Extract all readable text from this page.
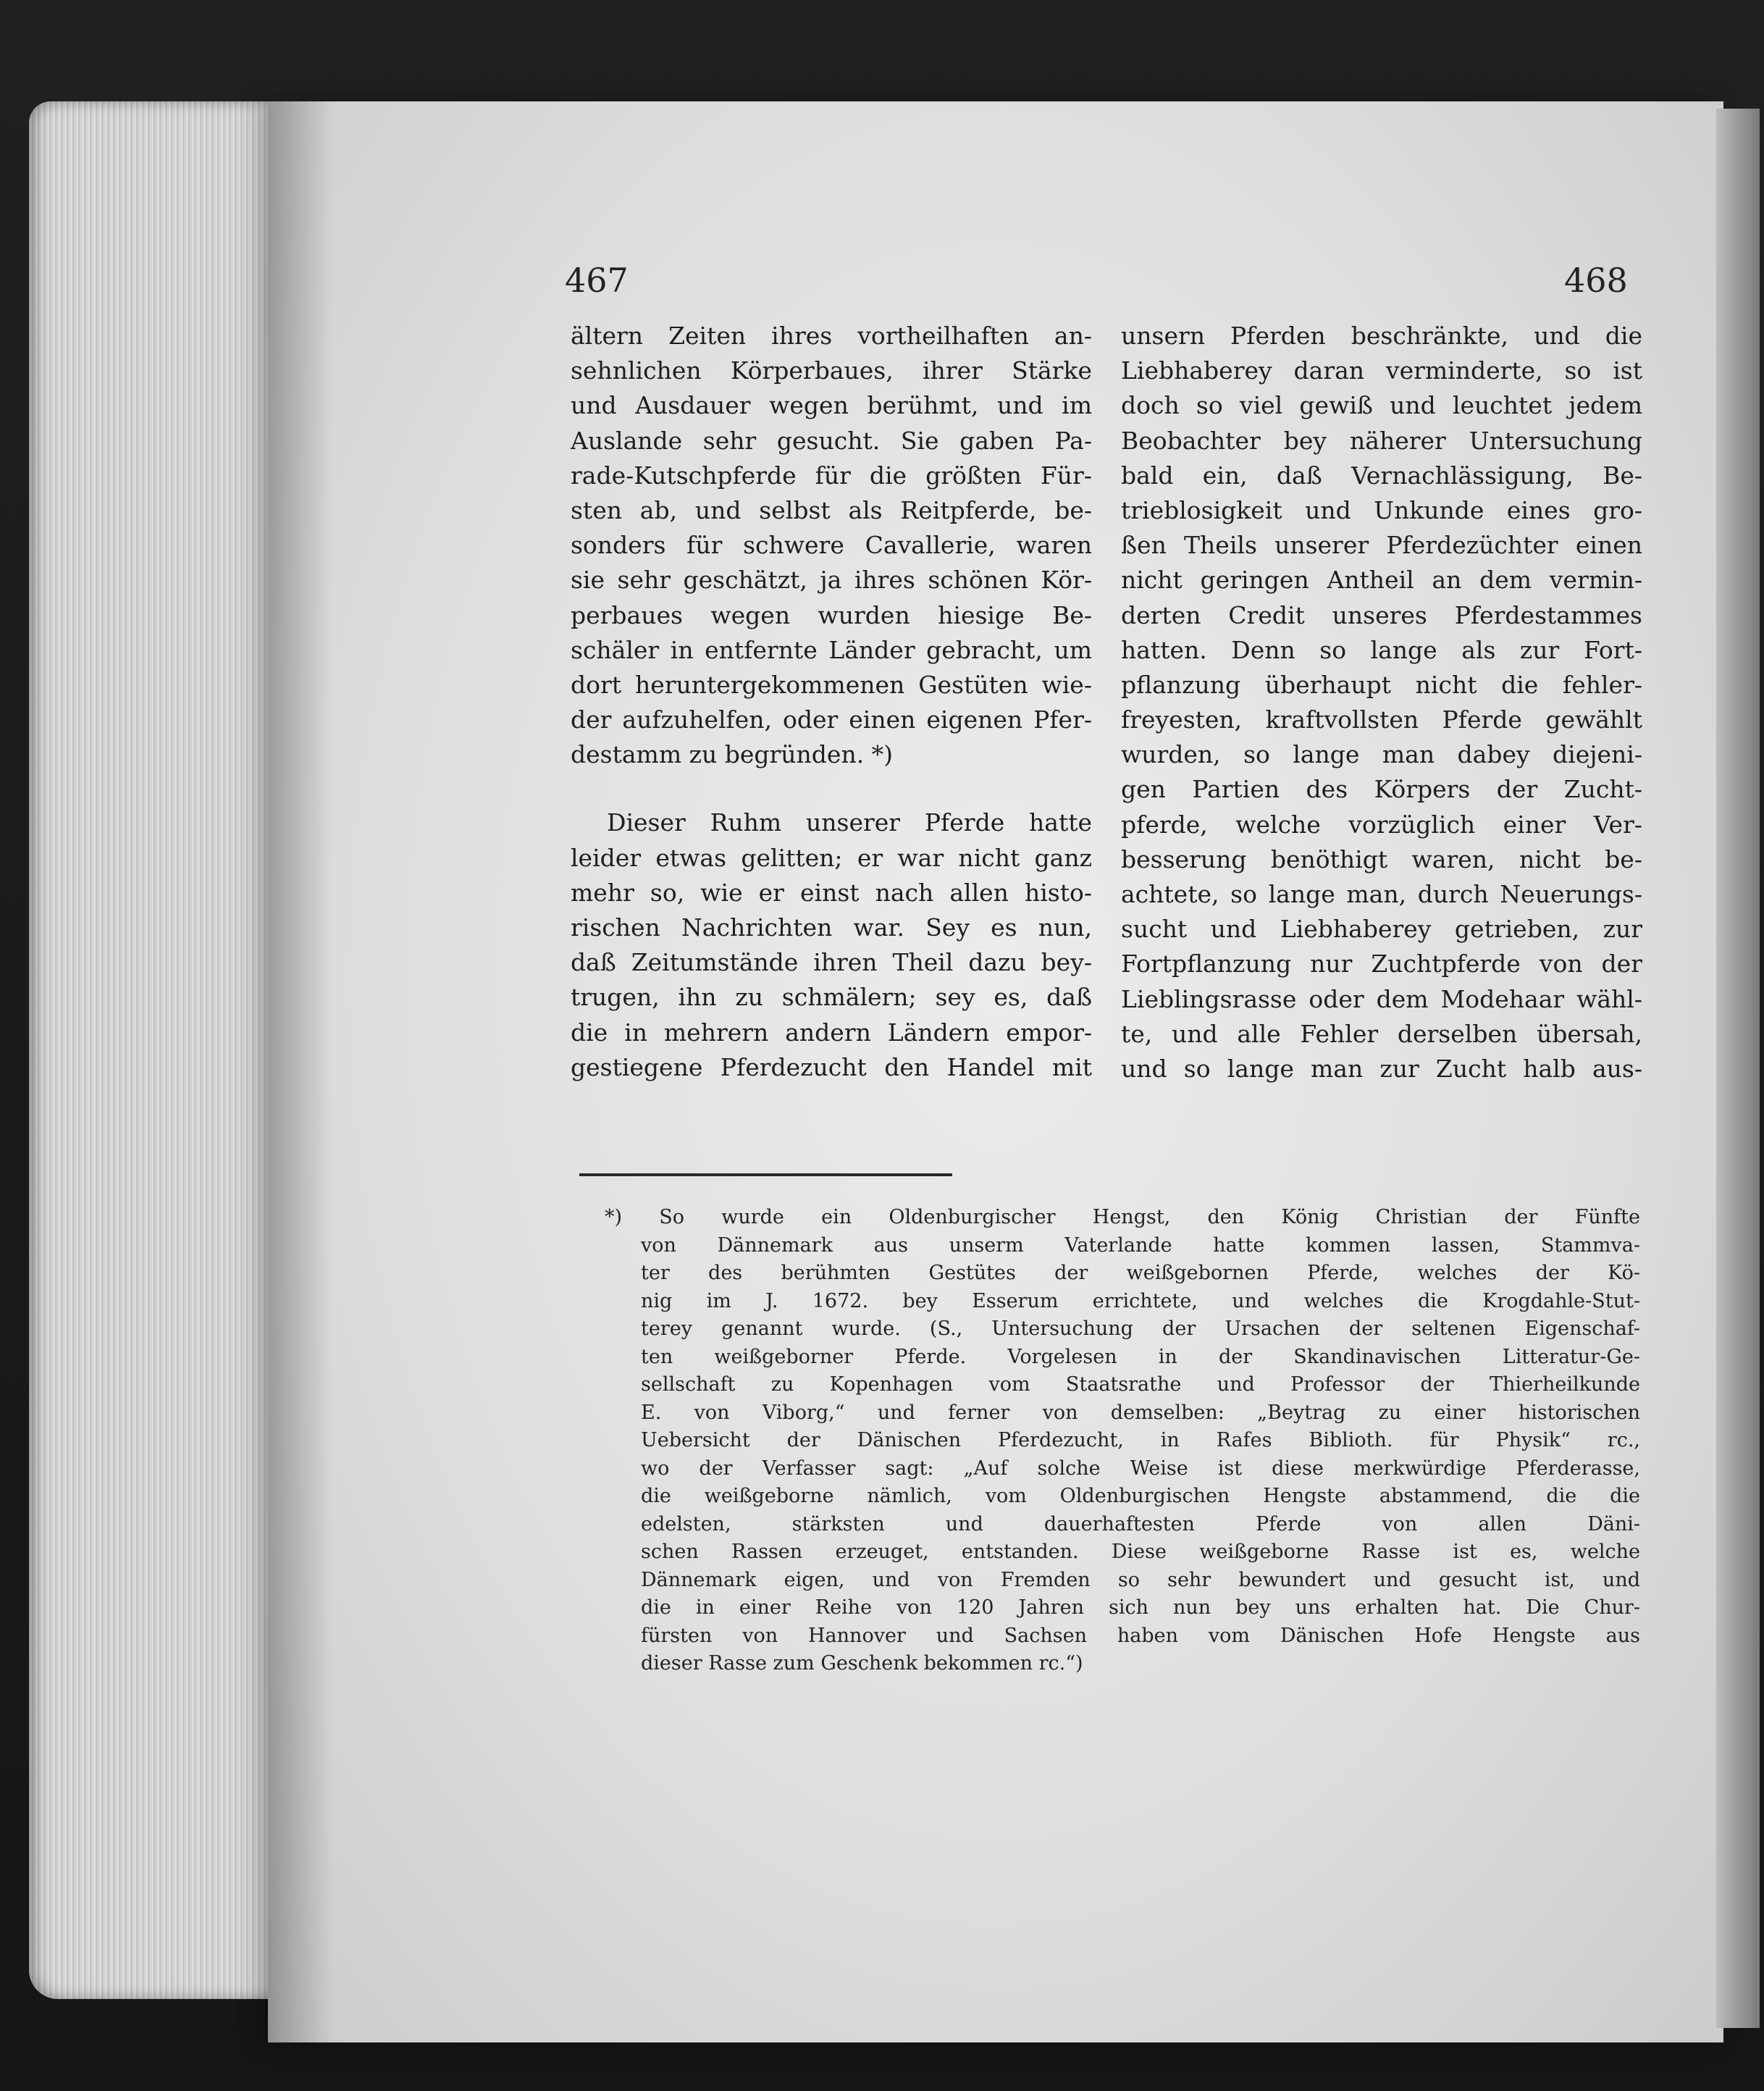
467	468
ältern Zeiten ihres vortheilhaften an-
sehnlichen Körperbaues, ihrer Stärke
und Ausdauer wegen berühmt, und im
Auslande sehr gesucht. Sie gaben Pa-
rade-Kutschpferde für die größten Für-
sten ab, und selbst als Reitpferde, be-
sonders für schwere Cavallerie, waren
sie sehr geschätzt, ja ihres schönen Kör-
perbaues wegen wurden hiesige Be-
schäler in entfernte Länder gebracht, um
dort heruntergekommenen Gestüten wie-
der aufzuhelfen, oder einen eigenen Pfer-
destamm zu begründen. *)
Dieser Ruhm unserer Pferde hatte
leider etwas gelitten; er war nicht ganz
mehr so, wie er einst nach allen histo-
rischen Nachrichten war. Sey es nun,
daß Zeitumstände ihren Theil dazu bey-
trugen, ihn zu schmälern; sey es, daß
die in mehrern andern Ländern empor-
gestiegene Pferdezucht den Handel mit
unsern Pferden beschränkte, und die
Liebhaberey daran verminderte, so ist
doch so viel gewiß und leuchtet jedem
Beobachter bey näherer Untersuchung
bald ein, daß Vernachlässigung, Be-
trieblosigkeit und Unkunde eines gro-
ßen Theils unserer Pferdezüchter einen
nicht geringen Antheil an dem vermin-
derten Credit unseres Pferdestammes
hatten. Denn so lange als zur Fort-
pflanzung überhaupt nicht die fehler-
freyesten, kraftvollsten Pferde gewählt
wurden, so lange man dabey diejeni-
gen Partien des Körpers der Zucht-
pferde, welche vorzüglich einer Ver-
besserung benöthigt waren, nicht be-
achtete, so lange man, durch Neuerungs-
sucht und Liebhaberey getrieben, zur
Fortpflanzung nur Zuchtpferde von der
Lieblingsrasse oder dem Modehaar wähl-
te, und alle Fehler derselben übersah,
und so lange man zur Zucht halb aus-
*) So wurde ein Oldenburgischer Hengst, den König Christian der Fünfte
von Dännemark aus unserm Vaterlande hatte kommen lassen, Stammva-
ter des berühmten Gestütes der weißgebornen Pferde, welches der Kö-
nig im J. 1672. bey Esserum errichtete, und welches die Krogdahle-Stut-
terey genannt wurde. (S., Untersuchung der Ursachen der seltenen Eigenschaf-
ten weißgeborner Pferde. Vorgelesen in der Skandinavischen Litteratur-Ge-
sellschaft zu Kopenhagen vom Staatsrathe und Professor der Thierheilkunde
E. von Viborg,“ und ferner von demselben: „Beytrag zu einer historischen
Uebersicht der Dänischen Pferdezucht, in Rafes Biblioth. für Physik“ rc.,
wo der Verfasser sagt: „Auf solche Weise ist diese merkwürdige Pferderasse,
die weißgeborne nämlich, vom Oldenburgischen Hengste abstammend, die die
edelsten, stärksten und dauerhaftesten Pferde von allen Däni-
schen Rassen erzeuget, entstanden. Diese weißgeborne Rasse ist es, welche
Dännemark eigen, und von Fremden so sehr bewundert und gesucht ist, und
die in einer Reihe von 120 Jahren sich nun bey uns erhalten hat. Die Chur-
fürsten von Hannover und Sachsen haben vom Dänischen Hofe Hengste aus
dieser Rasse zum Geschenk bekommen rc.“)
